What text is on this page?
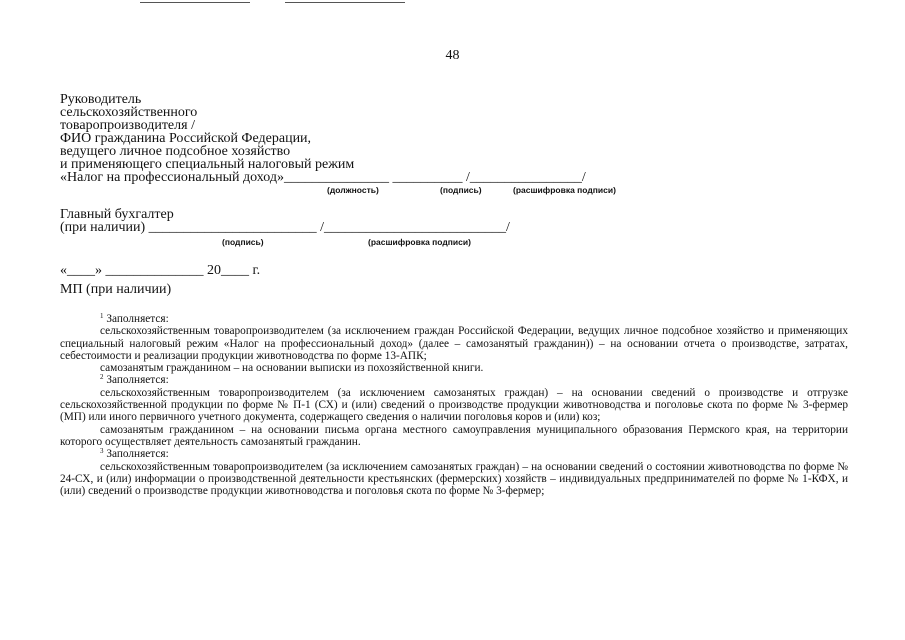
48
Руководитель
сельскохозяйственного
товаропроизводителя /
ФИО гражданина Российской Федерации,
ведущего личное подсобное хозяйство
и применяющего специальный налоговый режим
«Налог на профессиональный доход»_______________ __________ /________________/
(должность)	(подпись)	(расшифровка подписи)
Главный бухгалтер
(при наличии) ________________________ /__________________________/
(подпись)	(расшифровка подписи)
«____» ______________ 20____ г.
МП (при наличии)

$^1$ Заполняется:

сельскохозяйственным товаропроизводителем (за исключением граждан Российской Федерации, ведущих личное подсобное хозяйство и применяющих специальный налоговый режим «Налог на профессиональный доход» (далее – самозанятый гражданин)) – на основании отчета о производстве, затратах, себестоимости и реализации продукции животноводства по форме 13-АПК;

самозанятым гражданином – на основании выписки из похозяйственной книги.

$^2$ Заполняется:

сельскохозяйственным товаропроизводителем (за исключением самозанятых граждан) – на основании сведений о производстве и отгрузке сельскохозяйственной продукции по форме № П-1 (СХ) и (или) сведений о производстве продукции животноводства и поголовье скота по форме № 3-фермер (МП) или иного первичного учетного документа, содержащего сведения о наличии поголовья коров и (или) коз;

самозанятым гражданином – на основании письма органа местного самоуправления муниципального образования Пермского края, на территории которого осуществляет деятельность самозанятый гражданин.

$^3$ Заполняется:

сельскохозяйственным товаропроизводителем (за исключением самозанятых граждан) – на основании сведений о состоянии животноводства по форме № 24-СХ, и (или) информации о производственной деятельности крестьянских (фермерских) хозяйств – индивидуальных предпринимателей по форме № 1-КФХ, и (или) сведений о производстве продукции животноводства и поголовья скота по форме № 3-фермер;
